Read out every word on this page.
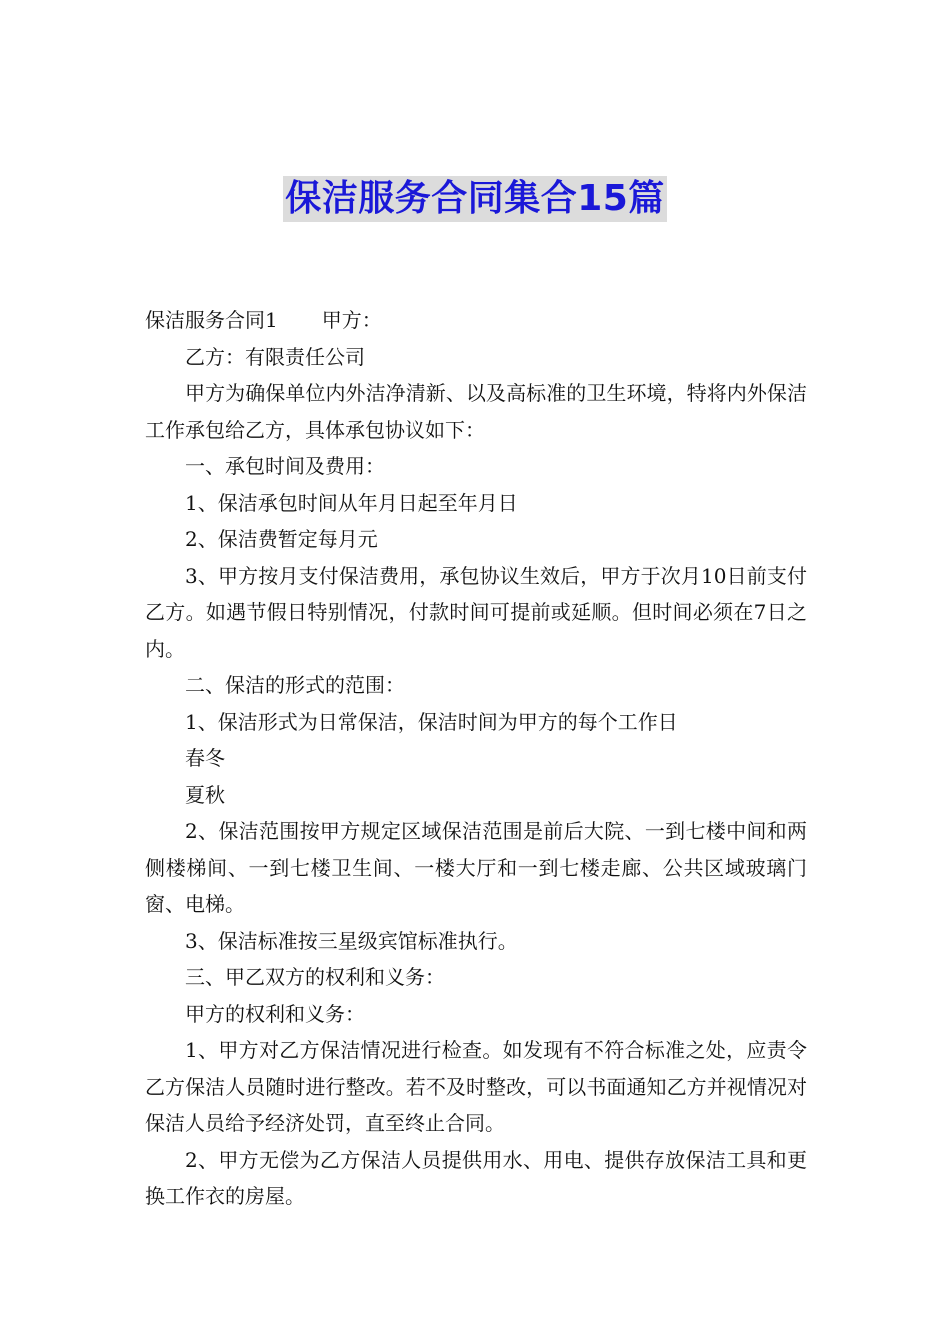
保洁服务合同集合15篇

保洁服务合同1 甲方：

乙方：有限责任公司

甲方为确保单位内外洁净清新、以及高标准的卫生环境，特将内外保洁工作承包给乙方，具体承包协议如下：

一、承包时间及费用：

1、保洁承包时间从年月日起至年月日

2、保洁费暂定每月元

3、甲方按月支付保洁费用，承包协议生效后，甲方于次月10日前支付乙方。如遇节假日特别情况，付款时间可提前或延顺。但时间必须在7日之内。

二、保洁的形式的范围：

1、保洁形式为日常保洁，保洁时间为甲方的每个工作日

春冬

夏秋

2、保洁范围按甲方规定区域保洁范围是前后大院、一到七楼中间和两侧楼梯间、一到七楼卫生间、一楼大厅和一到七楼走廊、公共区域玻璃门窗、电梯。

3、保洁标准按三星级宾馆标准执行。

三、甲乙双方的权利和义务：

甲方的权利和义务：

1、甲方对乙方保洁情况进行检查。如发现有不符合标准之处，应责令乙方保洁人员随时进行整改。若不及时整改，可以书面通知乙方并视情况对保洁人员给予经济处罚，直至终止合同。

2、甲方无偿为乙方保洁人员提供用水、用电、提供存放保洁工具和更换工作衣的房屋。
